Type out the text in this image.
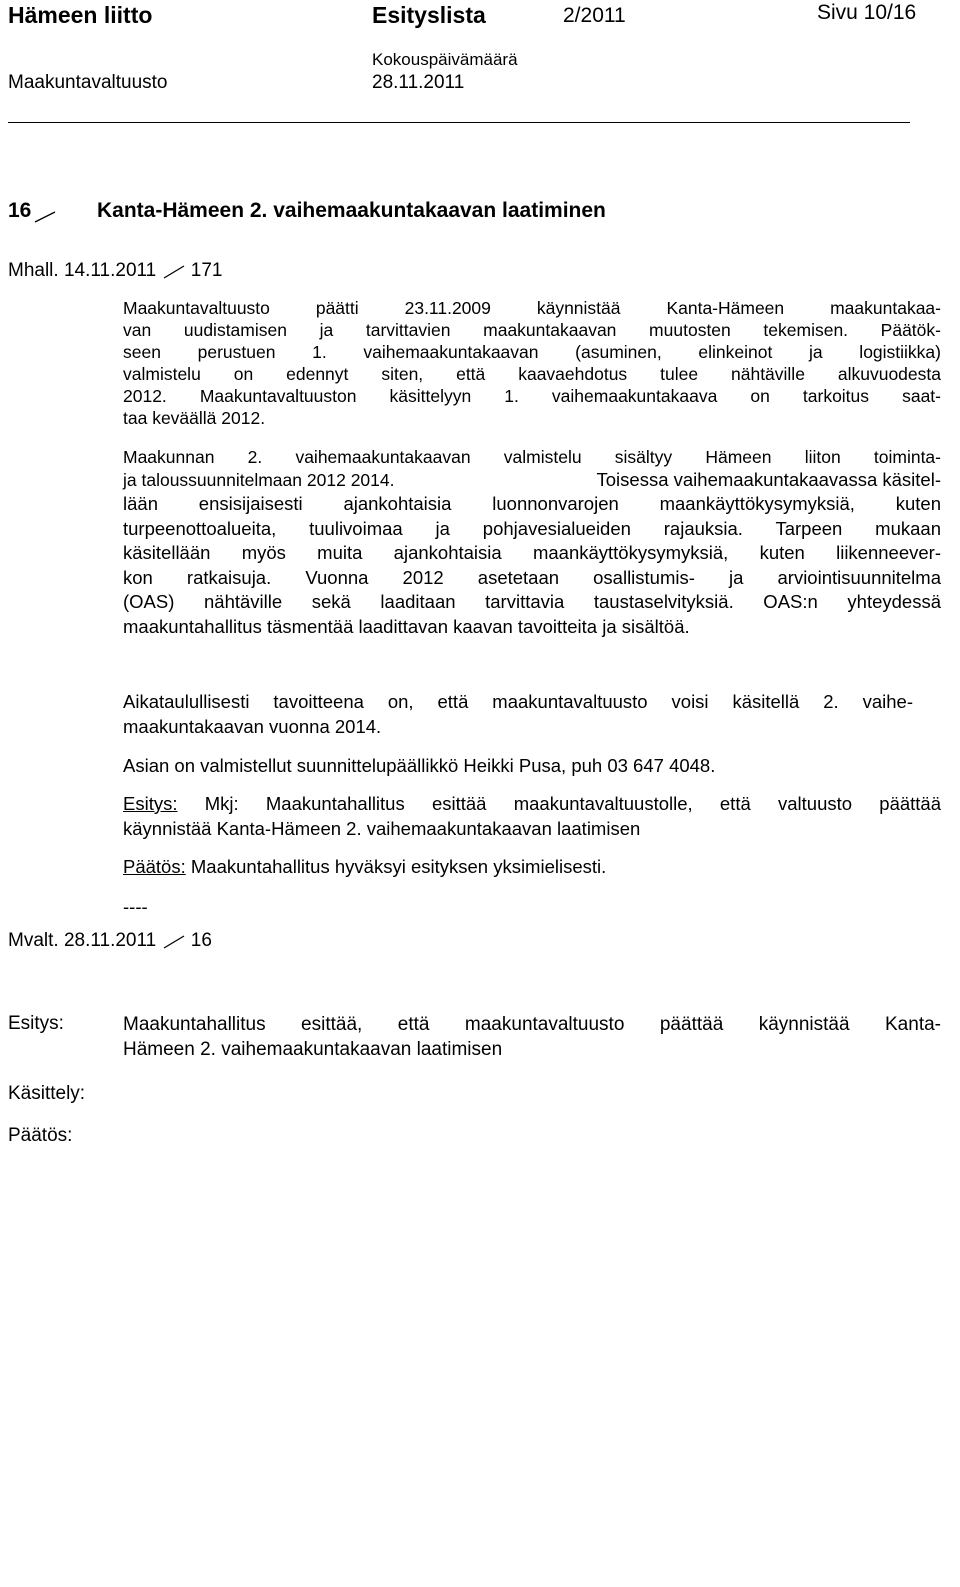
Hämeen liitto	Esityslista	2/2011	Sivu 10/16
Kokouspäivämäärä
Maakuntavaltuusto	28.11.2011
16	Kanta-Hämeen 2. vaihemaakuntakaavan laatiminen
Mhall. 14.11.2011 171
Maakuntavaltuusto päätti 23.11.2009 käynnistää Kanta-Hämeen maakuntakaa-
van uudistamisen ja tarvittavien maakuntakaavan muutosten tekemisen. Päätök-
seen perustuen 1. vaihemaakuntakaavan (asuminen, elinkeinot ja logistiikka)
valmistelu on edennyt siten, että kaavaehdotus tulee nähtäville alkuvuodesta
2012. Maakuntavaltuuston käsittelyyn 1. vaihemaakuntakaava on tarkoitus saat-
taa keväällä 2012.
Maakunnan 2. vaihemaakuntakaavan valmistelu sisältyy Hämeen liiton toiminta-
ja taloussuunnitelmaan 2012 2014.	Toisessa vaihemaakuntakaavassa käsitel-
lään ensisijaisesti ajankohtaisia luonnonvarojen maankäyttökysymyksiä, kuten
turpeenottoalueita, tuulivoimaa ja pohjavesialueiden rajauksia. Tarpeen mukaan
käsitellään myös muita ajankohtaisia maankäyttökysymyksiä, kuten liikenneever-
kon ratkaisuja. Vuonna 2012 asetetaan osallistumis- ja arviointisuunnitelma
(OAS) nähtäville sekä laaditaan tarvittavia taustaselvityksiä. OAS:n yhteydessä
maakuntahallitus täsmentää laadittavan kaavan tavoitteita ja sisältöä.
Aikataulullisesti tavoitteena on, että maakuntavaltuusto voisi käsitellä 2. vaihe-
maakuntakaavan vuonna 2014.
Asian on valmistellut suunnittelupäällikkö Heikki Pusa, puh 03 647 4048.
Esitys: Mkj: Maakuntahallitus esittää maakuntavaltuustolle, että valtuusto päättää
käynnistää Kanta-Hämeen 2. vaihemaakuntakaavan laatimisen
Päätös: Maakuntahallitus hyväksyi esityksen yksimielisesti.
----
Mvalt. 28.11.2011 16
Esitys:	Maakuntahallitus esittää, että maakuntavaltuusto päättää käynnistää Kanta-
Hämeen 2. vaihemaakuntakaavan laatimisen
Käsittely:
Päätös:
